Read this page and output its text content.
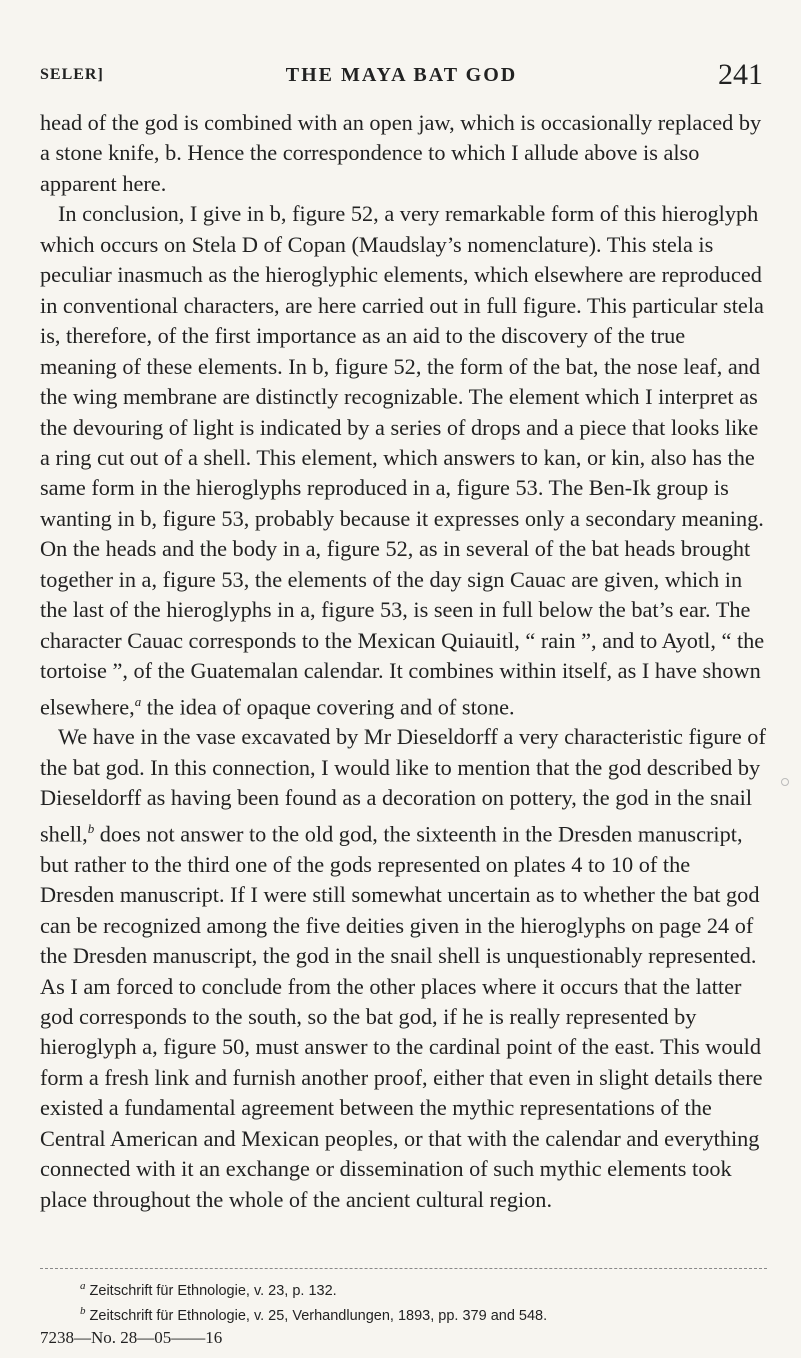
SELER]	THE MAYA BAT GOD	241

head of the god is combined with an open jaw, which is occasionally replaced by a stone knife, b. Hence the correspondence to which I allude above is also apparent here.

In conclusion, I give in b, figure 52, a very remarkable form of this hieroglyph which occurs on Stela D of Copan (Maudslay’s nomenclature). This stela is peculiar inasmuch as the hieroglyphic elements, which elsewhere are reproduced in conventional characters, are here carried out in full figure. This particular stela is, therefore, of the first importance as an aid to the discovery of the true meaning of these elements. In b, figure 52, the form of the bat, the nose leaf, and the wing membrane are distinctly recognizable. The element which I interpret as the devouring of light is indicated by a series of drops and a piece that looks like a ring cut out of a shell. This element, which answers to kan, or kin, also has the same form in the hieroglyphs reproduced in a, figure 53. The Ben-Ik group is wanting in b, figure 53, probably because it expresses only a secondary meaning. On the heads and the body in a, figure 52, as in several of the bat heads brought together in a, figure 53, the elements of the day sign Cauac are given, which in the last of the hieroglyphs in a, figure 53, is seen in full below the bat’s ear. The character Cauac corresponds to the Mexican Quiauitl, “ rain ”, and to Ayotl, “ the tortoise ”, of the Guatemalan calendar. It combines within itself, as I have shown elsewhere,$^a$ the idea of opaque covering and of stone.

We have in the vase excavated by Mr Dieseldorff a very characteristic figure of the bat god. In this connection, I would like to mention that the god described by Dieseldorff as having been found as a decoration on pottery, the god in the snail shell,$^b$ does not answer to the old god, the sixteenth in the Dresden manuscript, but rather to the third one of the gods represented on plates 4 to 10 of the Dresden manuscript. If I were still somewhat uncertain as to whether the bat god can be recognized among the five deities given in the hieroglyphs on page 24 of the Dresden manuscript, the god in the snail shell is unquestionably represented. As I am forced to conclude from the other places where it occurs that the latter god corresponds to the south, so the bat god, if he is really represented by hieroglyph a, figure 50, must answer to the cardinal point of the east. This would form a fresh link and furnish another proof, either that even in slight details there existed a fundamental agreement between the mythic representations of the Central American and Mexican peoples, or that with the calendar and everything connected with it an exchange or dissemination of such mythic elements took place throughout the whole of the ancient cultural region.

$^a$ Zeitschrift für Ethnologie, v. 23, p. 132.
$^b$ Zeitschrift für Ethnologie, v. 25, Verhandlungen, 1893, pp. 379 and 548.
7238—No. 28—05——16
